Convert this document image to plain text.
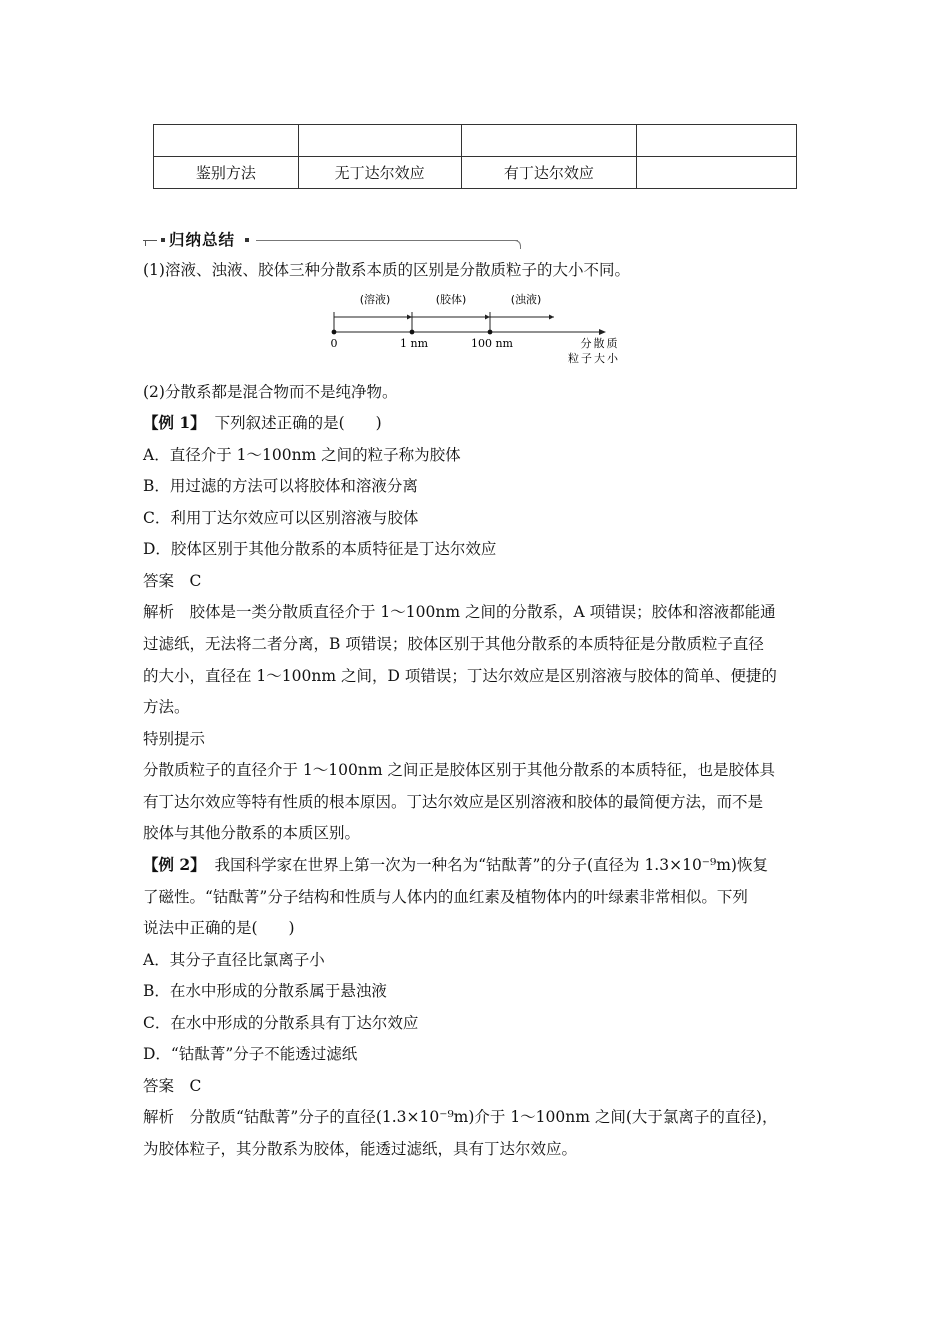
鉴别方法	无丁达尔效应	有丁达尔效应	
归纳总结
(1)溶液、浊液、胶体三种分散系本质的区别是分散质粒子的大小不同。
(溶液)	(胶体)	(浊液)
0	1 nm	100 nm	分散质
粒子大小
(2)分散系都是混合物而不是纯净物。
【例 1】 下列叙述正确的是(　　)
A．直径介于 1～100nm 之间的粒子称为胶体
B．用过滤的方法可以将胶体和溶液分离
C．利用丁达尔效应可以区别溶液与胶体
D．胶体区别于其他分散系的本质特征是丁达尔效应
答案　C
解析　胶体是一类分散质直径介于 1～100nm 之间的分散系，A 项错误；胶体和溶液都能通
过滤纸，无法将二者分离，B 项错误；胶体区别于其他分散系的本质特征是分散质粒子直径
的大小，直径在 1～100nm 之间，D 项错误；丁达尔效应是区别溶液与胶体的简单、便捷的
方法。
特别提示
分散质粒子的直径介于 1～100nm 之间正是胶体区别于其他分散系的本质特征，也是胶体具
有丁达尔效应等特有性质的根本原因。丁达尔效应是区别溶液和胶体的最简便方法，而不是
胶体与其他分散系的本质区别。
【例 2】 我国科学家在世界上第一次为一种名为“钴酞菁”的分子(直径为 1.3×10⁻⁹m)恢复
了磁性。“钴酞菁”分子结构和性质与人体内的血红素及植物体内的叶绿素非常相似。下列
说法中正确的是(　　)
A．其分子直径比氯离子小
B．在水中形成的分散系属于悬浊液
C．在水中形成的分散系具有丁达尔效应
D．“钴酞菁”分子不能透过滤纸
答案　C
解析　分散质“钴酞菁”分子的直径(1.3×10⁻⁹m)介于 1～100nm 之间(大于氯离子的直径)，
为胶体粒子，其分散系为胶体，能透过滤纸，具有丁达尔效应。
